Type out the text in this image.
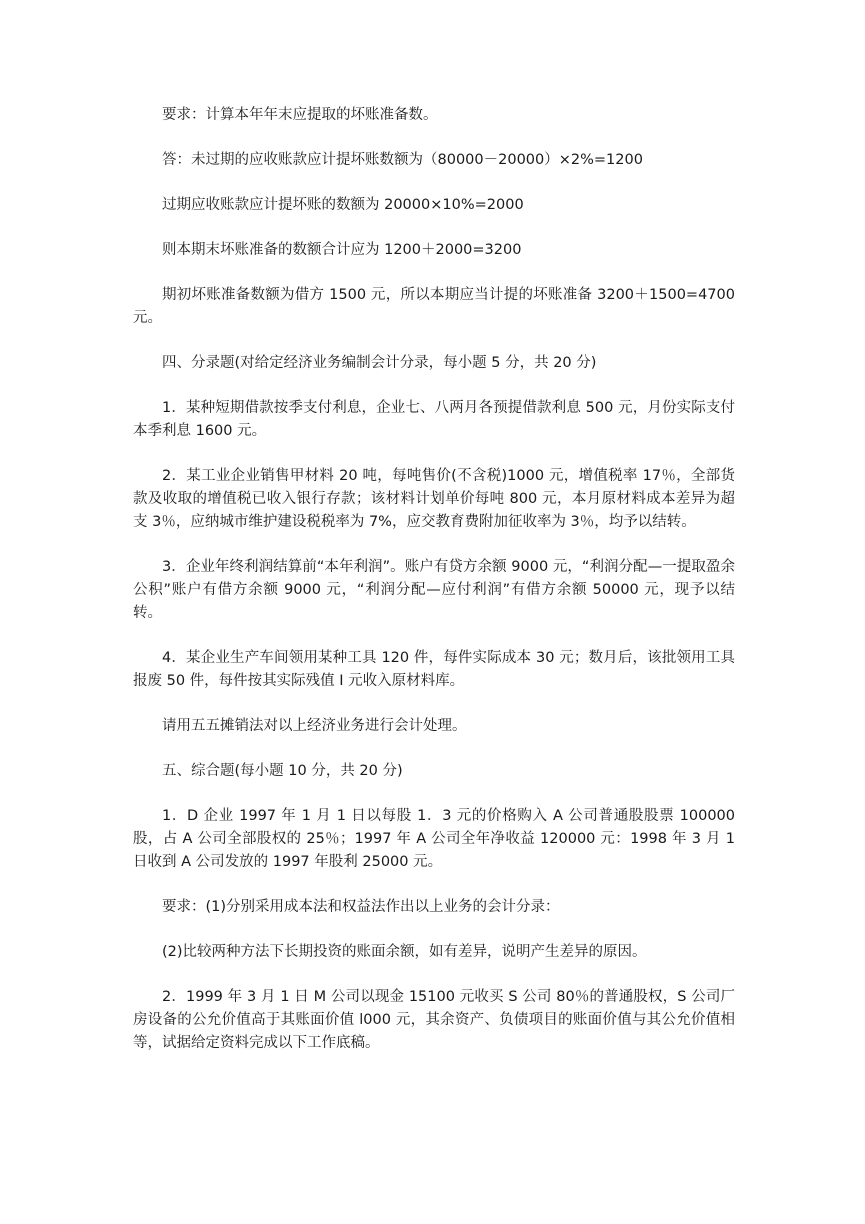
要求：计算本年年末应提取的坏账准备数。

答：未过期的应收账款应计提坏账数额为（80000－20000）×2%=1200

过期应收账款应计提坏账的数额为 20000×10%=2000

则本期末坏账准备的数额合计应为 1200＋2000=3200

期初坏账准备数额为借方 1500 元，所以本期应当计提的坏账准备 3200＋1500=4700 元。

四、分录题(对给定经济业务编制会计分录，每小题 5 分，共 20 分)

1．某种短期借款按季支付利息，企业七、八两月各预提借款利息 500 元，月份实际支付本季利息 1600 元。

2．某工业企业销售甲材料 20 吨，每吨售价(不含税)1000 元，增值税率 17％，全部货款及收取的增值税已收入银行存款；该材料计划单价每吨 800 元，本月原材料成本差异为超支 3％，应纳城市维护建设税税率为 7%，应交教育费附加征收率为 3％，均予以结转。

3．企业年终利润结算前“本年利润”。账户有贷方余额 9000 元，“利润分配—一提取盈余公积”账户有借方余额 9000 元，“利润分配—应付利润”有借方余额 50000 元，现予以结转。

4．某企业生产车间领用某种工具 120 件，每件实际成本 30 元；数月后，该批领用工具报废 50 件，每件按其实际残值 I 元收入原材料库。

请用五五摊销法对以上经济业务进行会计处理。

五、综合题(每小题 10 分，共 20 分)

1．D 企业 1997 年 1 月 1 日以每股 1．3 元的价格购入 A 公司普通股股票 100000 股，占 A 公司全部股权的 25％；1997 年 A 公司全年净收益 120000 元：1998 年 3 月 1 日收到 A 公司发放的 1997 年股利 25000 元。

要求：(1)分别采用成本法和权益法作出以上业务的会计分录：

(2)比较两种方法下长期投资的账面余额，如有差异，说明产生差异的原因。

2．1999 年 3 月 1 日 M 公司以现金 15100 元收买 S 公司 80％的普通股权，S 公司厂房设备的公允价值高于其账面价值 l000 元，其余资产、负债项目的账面价值与其公允价值相等，试据给定资料完成以下工作底稿。
